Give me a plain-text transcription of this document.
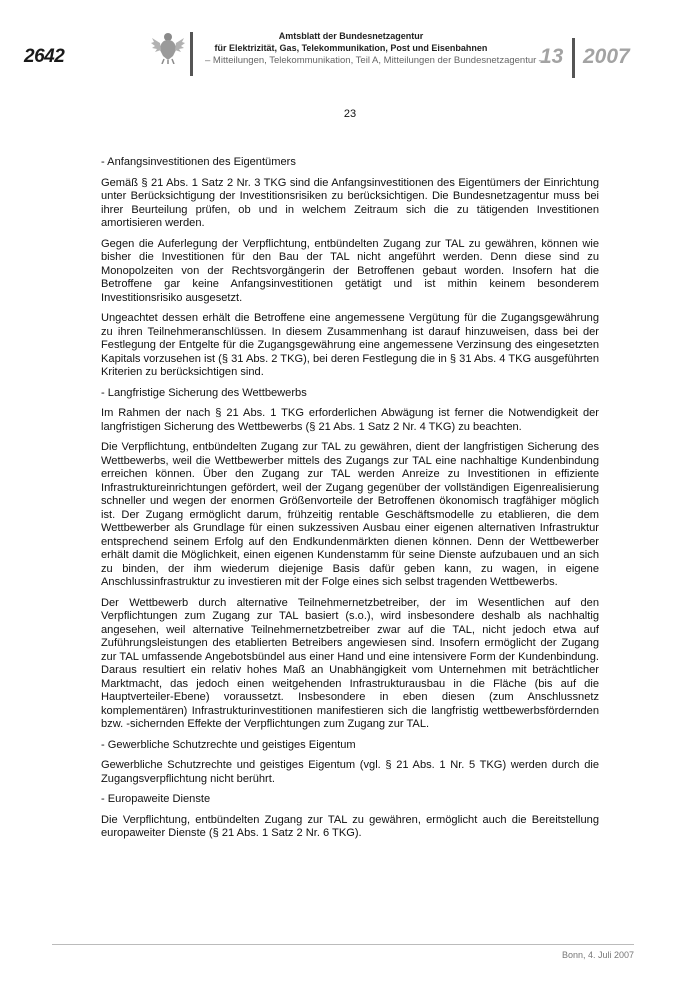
2642
Amtsblatt der Bundesnetzagentur
für Elektrizität, Gas, Telekommunikation, Post und Eisenbahnen
– Mitteilungen, Telekommunikation, Teil A, Mitteilungen der Bundesnetzagentur –
13 2007
23

- Anfangsinvestitionen des Eigentümers

Gemäß § 21 Abs. 1 Satz 2 Nr. 3 TKG sind die Anfangsinvestitionen des Eigentümers der Einrichtung unter Berücksichtigung der Investitionsrisiken zu berücksichtigen. Die Bundesnetzagentur muss bei ihrer Beurteilung prüfen, ob und in welchem Zeitraum sich die zu tätigenden Investitionen amortisieren werden.

Gegen die Auferlegung der Verpflichtung, entbündelten Zugang zur TAL zu gewähren, können wie bisher die Investitionen für den Bau der TAL nicht angeführt werden. Denn diese sind zu Monopolzeiten von der Rechtsvorgängerin der Betroffenen gebaut worden. Insofern hat die Betroffene gar keine Anfangsinvestitionen getätigt und ist mithin keinem besonderem Investitionsrisiko ausgesetzt.

Ungeachtet dessen erhält die Betroffene eine angemessene Vergütung für die Zugangsgewährung zu ihren Teilnehmeranschlüssen. In diesem Zusammenhang ist darauf hinzuweisen, dass bei der Festlegung der Entgelte für die Zugangsgewährung eine angemessene Verzinsung des eingesetzten Kapitals vorzusehen ist (§ 31 Abs. 2 TKG), bei deren Festlegung die in § 31 Abs. 4 TKG ausgeführten Kriterien zu berücksichtigen sind.

- Langfristige Sicherung des Wettbewerbs

Im Rahmen der nach § 21 Abs. 1 TKG erforderlichen Abwägung ist ferner die Notwendigkeit der langfristigen Sicherung des Wettbewerbs (§ 21 Abs. 1 Satz 2 Nr. 4 TKG) zu beachten.

Die Verpflichtung, entbündelten Zugang zur TAL zu gewähren, dient der langfristigen Sicherung des Wettbewerbs, weil die Wettbewerber mittels des Zugangs zur TAL eine nachhaltige Kundenbindung erreichen können. Über den Zugang zur TAL werden Anreize zu Investitionen in effiziente Infrastruktureinrichtungen gefördert, weil der Zugang gegenüber der vollständigen Eigenrealisierung schneller und wegen der enormen Größenvorteile der Betroffenen ökonomisch tragfähiger möglich ist. Der Zugang ermöglicht darum, frühzeitig rentable Geschäftsmodelle zu etablieren, die dem Wettbewerber als Grundlage für einen sukzessiven Ausbau einer eigenen alternativen Infrastruktur entsprechend seinem Erfolg auf den Endkundenmärkten dienen können. Denn der Wettbewerber erhält damit die Möglichkeit, einen eigenen Kundenstamm für seine Dienste aufzubauen und an sich zu binden, der ihm wiederum diejenige Basis dafür geben kann, zu wagen, in eigene Anschlussinfrastruktur zu investieren mit der Folge eines sich selbst tragenden Wettbewerbs.

Der Wettbewerb durch alternative Teilnehmernetzbetreiber, der im Wesentlichen auf den Verpflichtungen zum Zugang zur TAL basiert (s.o.), wird insbesondere deshalb als nachhaltig angesehen, weil alternative Teilnehmernetzbetreiber zwar auf die TAL, nicht jedoch etwa auf Zuführungsleistungen des etablierten Betreibers angewiesen sind. Insofern ermöglicht der Zugang zur TAL umfassende Angebotsbündel aus einer Hand und eine intensivere Form der Kundenbindung. Daraus resultiert ein relativ hohes Maß an Unabhängigkeit vom Unternehmen mit beträchtlicher Marktmacht, das jedoch einen weitgehenden Infrastrukturausbau in die Fläche (bis auf die Hauptverteiler-Ebene) voraussetzt. Insbesondere in eben diesen (zum Anschlussnetz komplementären) Infrastrukturinvestitionen manifestieren sich die langfristig wettbewerbsfördernden bzw. -sichernden Effekte der Verpflichtungen zum Zugang zur TAL.

- Gewerbliche Schutzrechte und geistiges Eigentum

Gewerbliche Schutzrechte und geistiges Eigentum (vgl. § 21 Abs. 1 Nr. 5 TKG) werden durch die Zugangsverpflichtung nicht berührt.

- Europaweite Dienste

Die Verpflichtung, entbündelten Zugang zur TAL zu gewähren, ermöglicht auch die Bereitstellung europaweiter Dienste (§ 21 Abs. 1 Satz 2 Nr. 6 TKG).

Bonn, 4. Juli 2007
